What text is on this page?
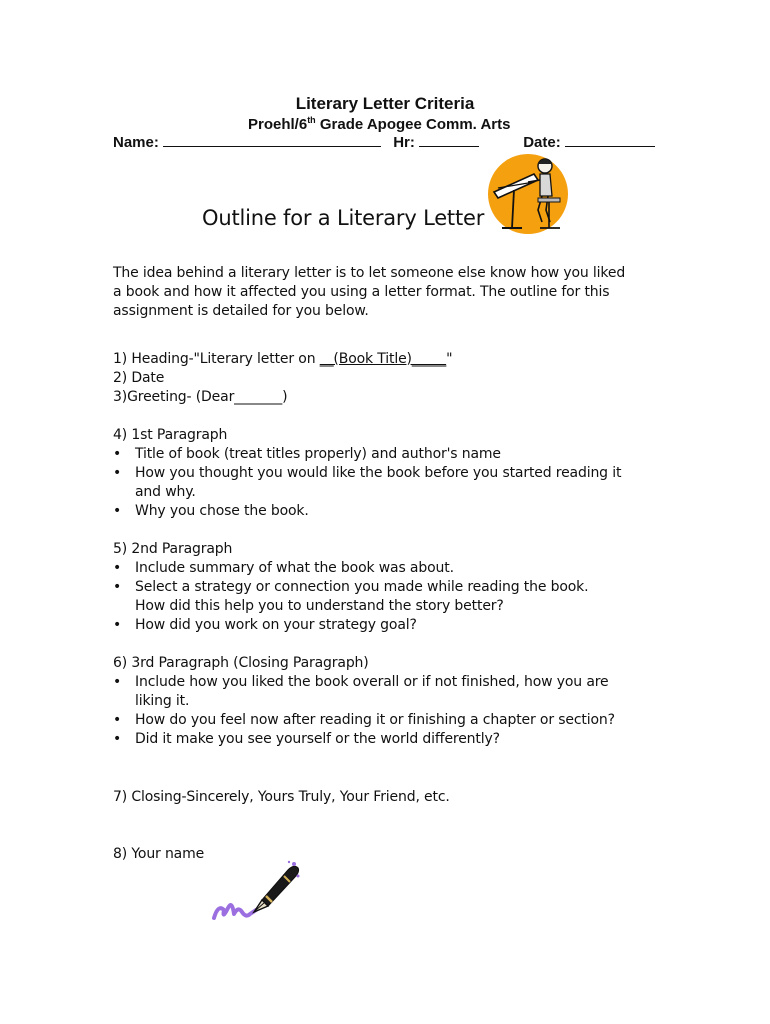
Literary Letter Criteria
Proehl/6th Grade Apogee Comm. Arts
Name:	Hr:	Date:
Outline for a Literary Letter
The idea behind a literary letter is to let someone else know how you liked
a book and how it affected you using a letter format. The outline for this
assignment is detailed for you below.
1) Heading-"Literary letter on __(Book Title)_____"
2) Date
3)Greeting- (Dear_______)
4) 1st Paragraph
• Title of book (treat titles properly) and author's name
• How you thought you would like the book before you started reading it
and why.
• Why you chose the book.
5) 2nd Paragraph
• Include summary of what the book was about.
• Select a strategy or connection you made while reading the book.
How did this help you to understand the story better?
• How did you work on your strategy goal?
6) 3rd Paragraph (Closing Paragraph)
• Include how you liked the book overall or if not finished, how you are
liking it.
• How do you feel now after reading it or finishing a chapter or section?
• Did it make you see yourself or the world differently?
7) Closing-Sincerely, Yours Truly, Your Friend, etc.
8) Your name
